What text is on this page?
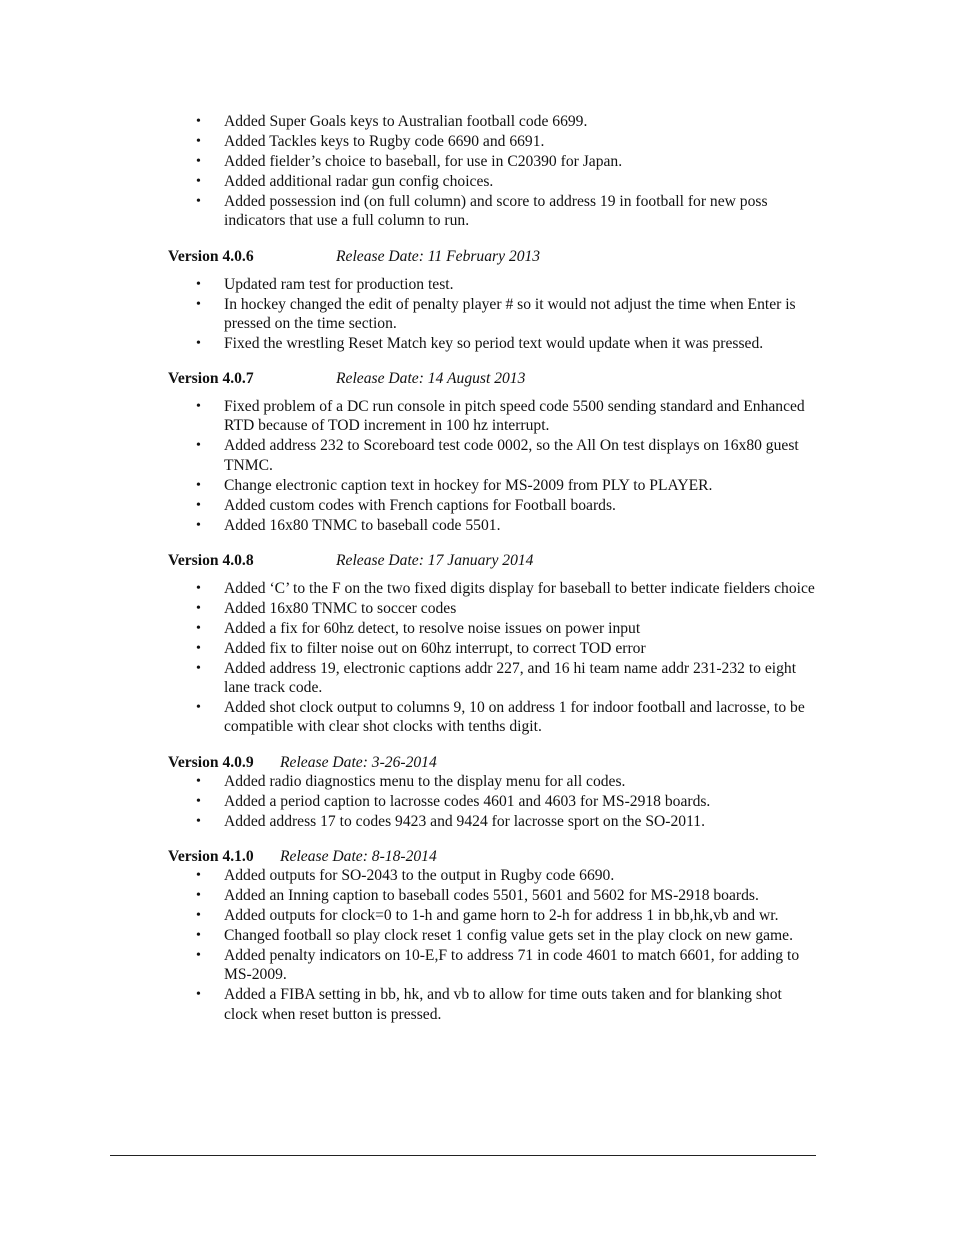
• Added Super Goals keys to Australian football code 6699.
• Added Tackles keys to Rugby code 6690 and 6691.
• Added fielder’s choice to baseball, for use in C20390 for Japan.
• Added additional radar gun config choices.
• Added possession ind (on full column) and score to address 19 in football for new poss indicators that use a full column to run.
Version 4.0.6	Release Date: 11 February 2013
• Updated ram test for production test.
• In hockey changed the edit of penalty player # so it would not adjust the time when Enter is pressed on the time section.
• Fixed the wrestling Reset Match key so period text would update when it was pressed.
Version 4.0.7	Release Date: 14 August 2013
• Fixed problem of a DC run console in pitch speed code 5500 sending standard and Enhanced RTD because of TOD increment in 100 hz interrupt.
• Added address 232 to Scoreboard test code 0002, so the All On test displays on 16x80 guest TNMC.
• Change electronic caption text in hockey for MS-2009 from PLY to PLAYER.
• Added custom codes with French captions for Football boards.
• Added 16x80 TNMC to baseball code 5501.
Version 4.0.8	Release Date: 17 January 2014
• Added ‘C’ to the F on the two fixed digits display for baseball to better indicate fielders choice
• Added 16x80 TNMC to soccer codes
• Added a fix for 60hz detect, to resolve noise issues on power input
• Added fix to filter noise out on 60hz interrupt, to correct TOD error
• Added address 19, electronic captions addr 227, and 16 hi team name addr 231-232 to eight lane track code.
• Added shot clock output to columns 9, 10 on address 1 for indoor football and lacrosse, to be compatible with clear shot clocks with tenths digit.
Version 4.0.9 Release Date: 3-26-2014
• Added radio diagnostics menu to the display menu for all codes.
• Added a period caption to lacrosse codes 4601 and 4603 for MS-2918 boards.
• Added address 17 to codes 9423 and 9424 for lacrosse sport on the SO-2011.
Version 4.1.0 Release Date: 8-18-2014
• Added outputs for SO-2043 to the output in Rugby code 6690.
• Added an Inning caption to baseball codes 5501, 5601 and 5602 for MS-2918 boards.
• Added outputs for clock=0 to 1-h and game horn to 2-h for address 1 in bb,hk,vb and wr.
• Changed football so play clock reset 1 config value gets set in the play clock on new game.
• Added penalty indicators on 10-E,F to address 71 in code 4601 to match 6601, for adding to MS-2009.
• Added a FIBA setting in bb, hk, and vb to allow for time outs taken and for blanking shot clock when reset button is pressed.
